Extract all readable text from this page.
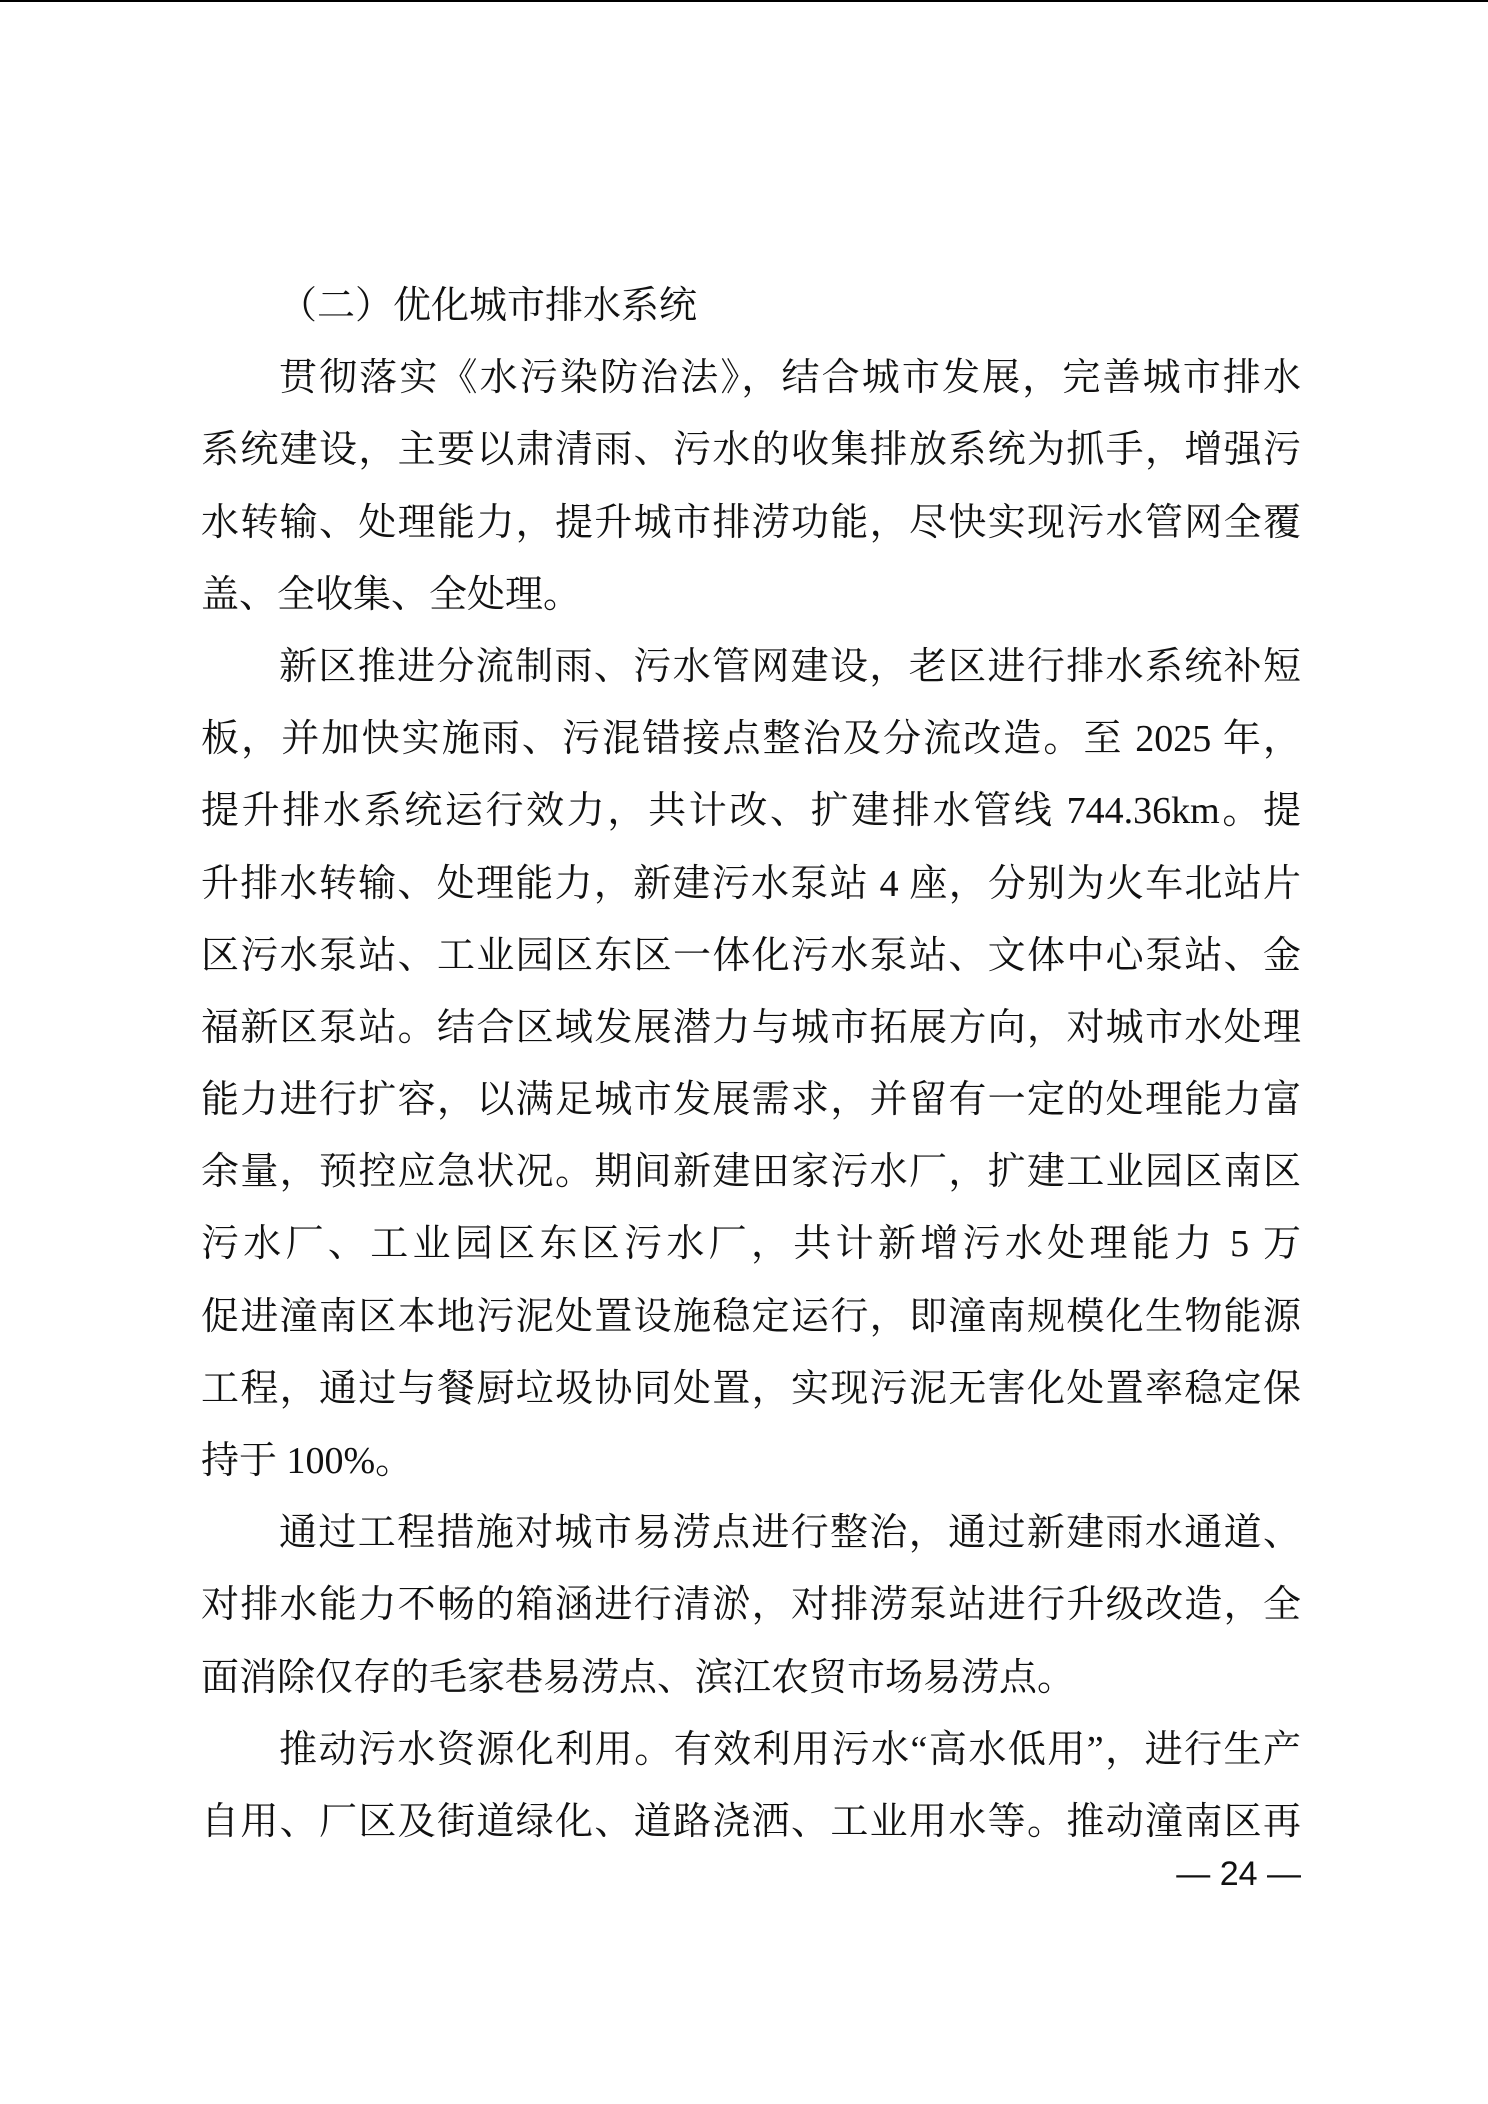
（二）优化城市排水系统
贯彻落实《水污染防治法》，结合城市发展，完善城市排水
系统建设，主要以肃清雨、污水的收集排放系统为抓手，增强污
水转输、处理能力，提升城市排涝功能，尽快实现污水管网全覆
盖、全收集、全处理。
新区推进分流制雨、污水管网建设，老区进行排水系统补短
板，并加快实施雨、污混错接点整治及分流改造。至 2025 年，
提升排水系统运行效力，共计改、扩建排水管线 744.36km。提
升排水转输、处理能力，新建污水泵站 4 座，分别为火车北站片
区污水泵站、工业园区东区一体化污水泵站、文体中心泵站、金
福新区泵站。结合区域发展潜力与城市拓展方向，对城市水处理
能力进行扩容，以满足城市发展需求，并留有一定的处理能力富
余量，预控应急状况。期间新建田家污水厂，扩建工业园区南区
污水厂、工业园区东区污水厂，共计新增污水处理能力 5 万
促进潼南区本地污泥处置设施稳定运行，即潼南规模化生物能源
工程，通过与餐厨垃圾协同处置，实现污泥无害化处置率稳定保
持于 100%。
通过工程措施对城市易涝点进行整治，通过新建雨水通道、
对排水能力不畅的箱涵进行清淤，对排涝泵站进行升级改造，全
面消除仅存的毛家巷易涝点、滨江农贸市场易涝点。
推动污水资源化利用。有效利用污水“高水低用”，进行生产
自用、厂区及街道绿化、道路浇洒、工业用水等。推动潼南区再
— 24 —
